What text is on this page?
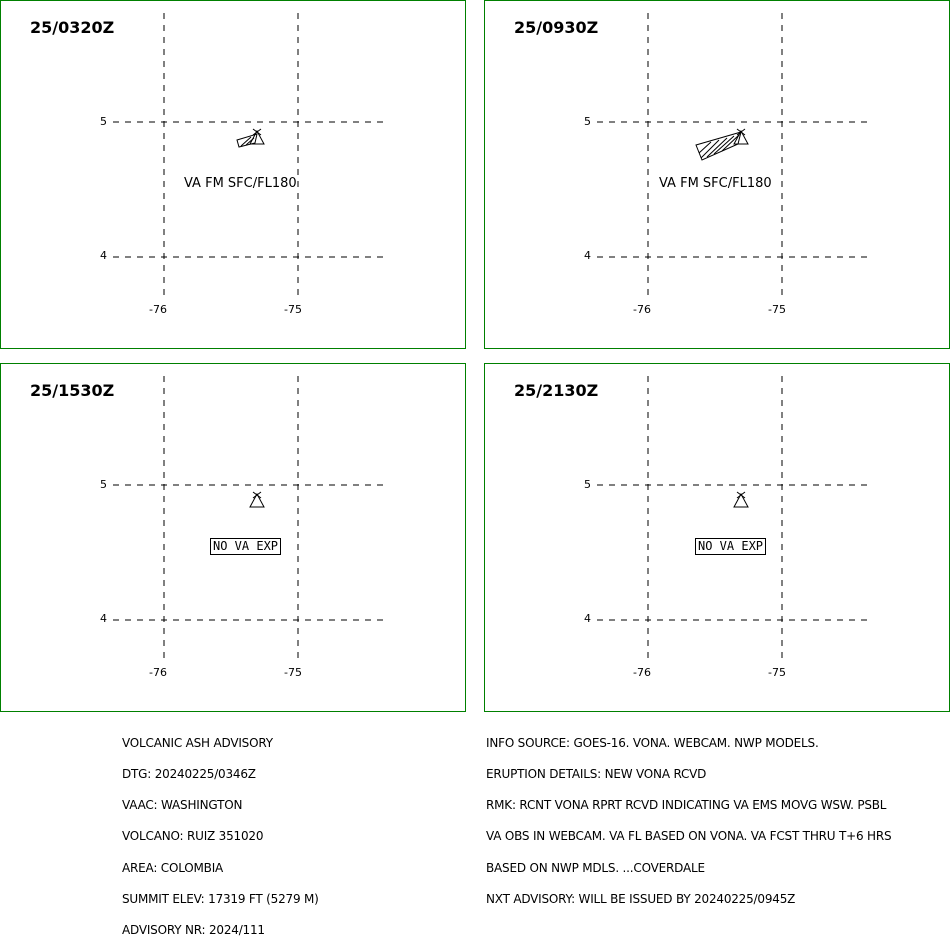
25/0320Z
5
4
-76	-75
VA FM SFC/FL180
25/0930Z
5
4
-76	-75
VA FM SFC/FL180
25/1530Z
5
4
-76	-75
NO VA EXP
25/2130Z
5
4
-76	-75
NO VA EXP

VOLCANIC ASH ADVISORY

DTG: 20240225/0346Z

VAAC: WASHINGTON

VOLCANO: RUIZ 351020

AREA: COLOMBIA

SUMMIT ELEV: 17319 FT (5279 M)

ADVISORY NR: 2024/111

INFO SOURCE: GOES-16. VONA. WEBCAM. NWP MODELS.

ERUPTION DETAILS: NEW VONA RCVD

RMK: RCNT VONA RPRT RCVD INDICATING VA EMS MOVG WSW. PSBL

VA OBS IN WEBCAM. VA FL BASED ON VONA. VA FCST THRU T+6 HRS

BASED ON NWP MDLS. ...COVERDALE

NXT ADVISORY: WILL BE ISSUED BY 20240225/0945Z
